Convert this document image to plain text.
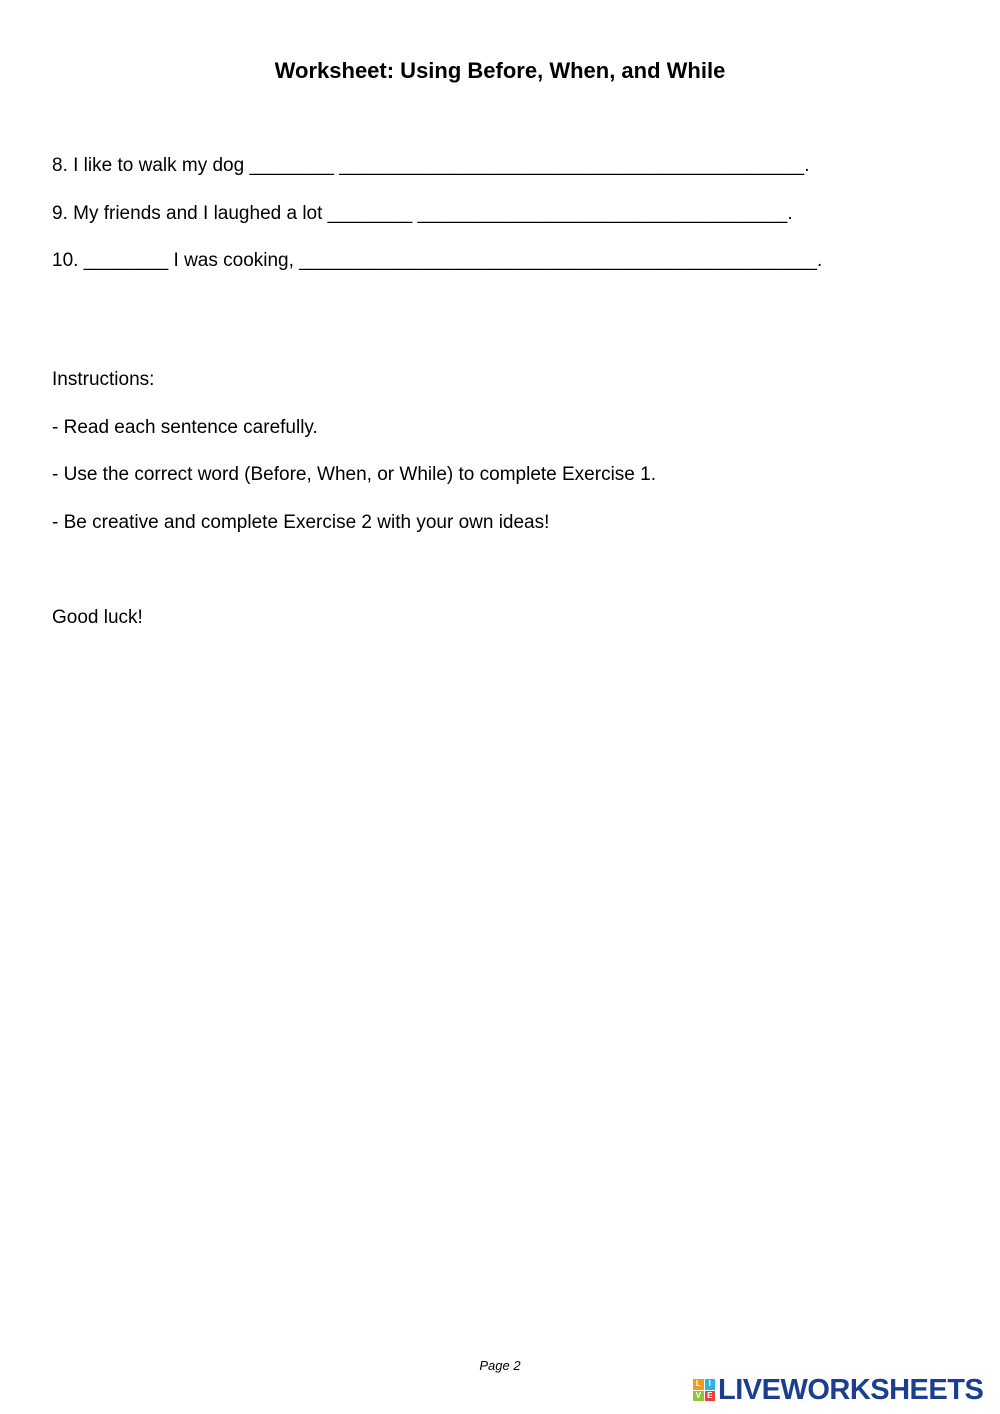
Worksheet: Using Before, When, and While
8. I like to walk my dog ________ ____________________________________________.
9. My friends and I laughed a lot ________ ___________________________________.
10. ________ I was cooking, _________________________________________________.
Instructions:
- Read each sentence carefully.
- Use the correct word (Before, When, or While) to complete Exercise 1.
- Be creative and complete Exercise 2 with your own ideas!
Good luck!
Page 2
L I
V E LIVEWORKSHEETS
